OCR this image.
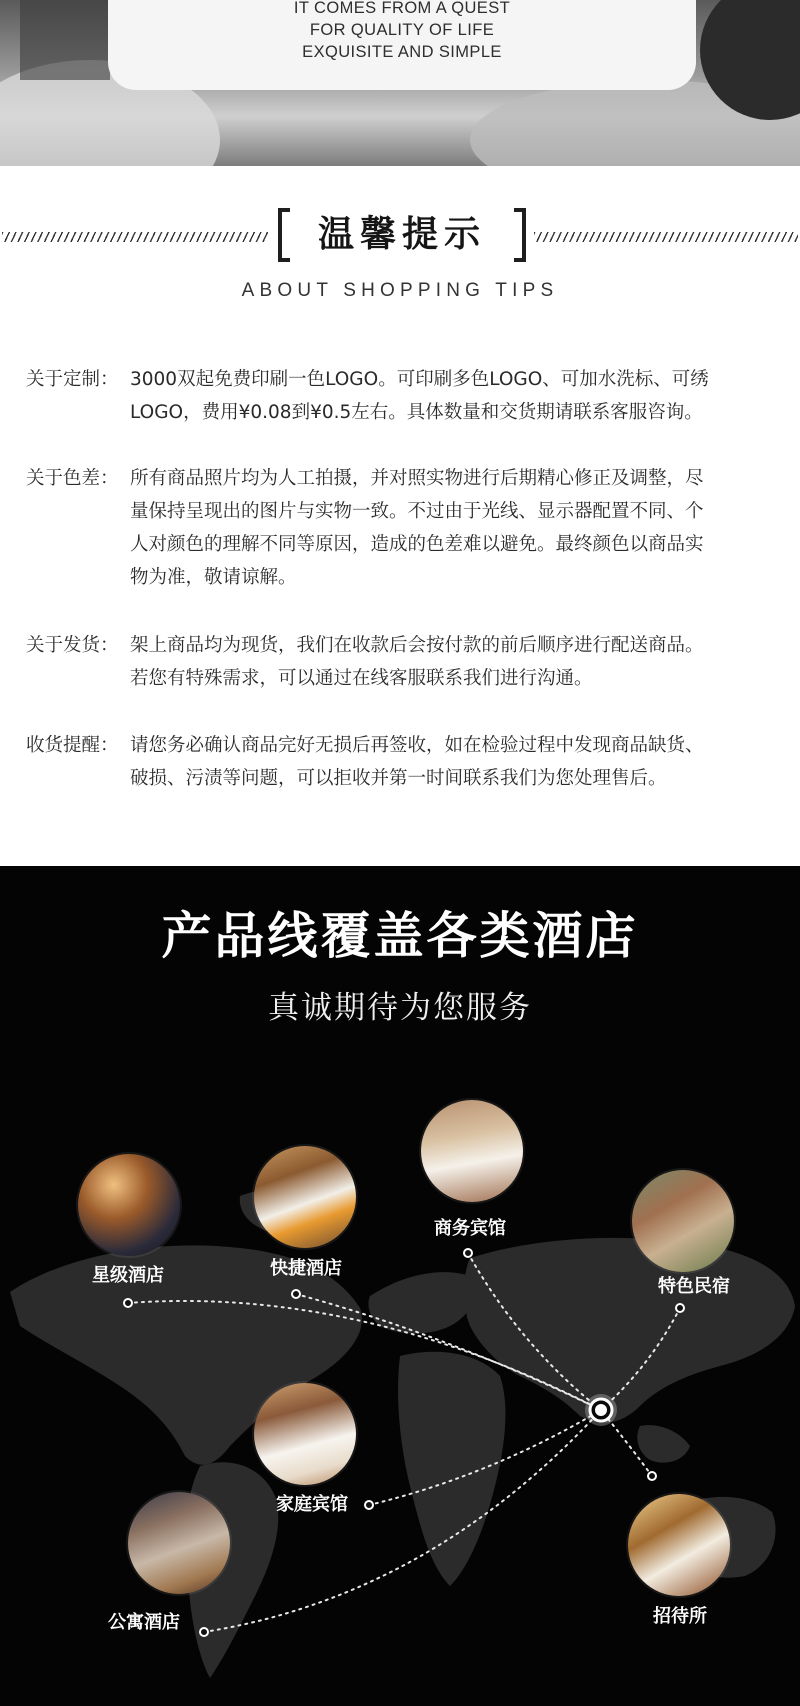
IT COMES FROM A QUEST
FOR QUALITY OF LIFE
EXQUISITE AND SIMPLE
温馨提示
ABOUT SHOPPING TIPS
关于定制： 3000双起免费印刷一色LOGO。可印刷多色LOGO、可加水洗标、可绣
LOGO，费用¥0.08到¥0.5左右。具体数量和交货期请联系客服咨询。
关于色差： 所有商品照片均为人工拍摄，并对照实物进行后期精心修正及调整，尽
量保持呈现出的图片与实物一致。不过由于光线、显示器配置不同、个
人对颜色的理解不同等原因，造成的色差难以避免。最终颜色以商品实
物为准，敬请谅解。
关于发货： 架上商品均为现货，我们在收款后会按付款的前后顺序进行配送商品。
若您有特殊需求，可以通过在线客服联系我们进行沟通。
收货提醒： 请您务必确认商品完好无损后再签收，如在检验过程中发现商品缺货、
破损、污渍等问题，可以拒收并第一时间联系我们为您处理售后。
产品线覆盖各类酒店
真诚期待为您服务
星级酒店	快捷酒店
商务宾馆
特色民宿
家庭宾馆
公寓酒店	招待所
